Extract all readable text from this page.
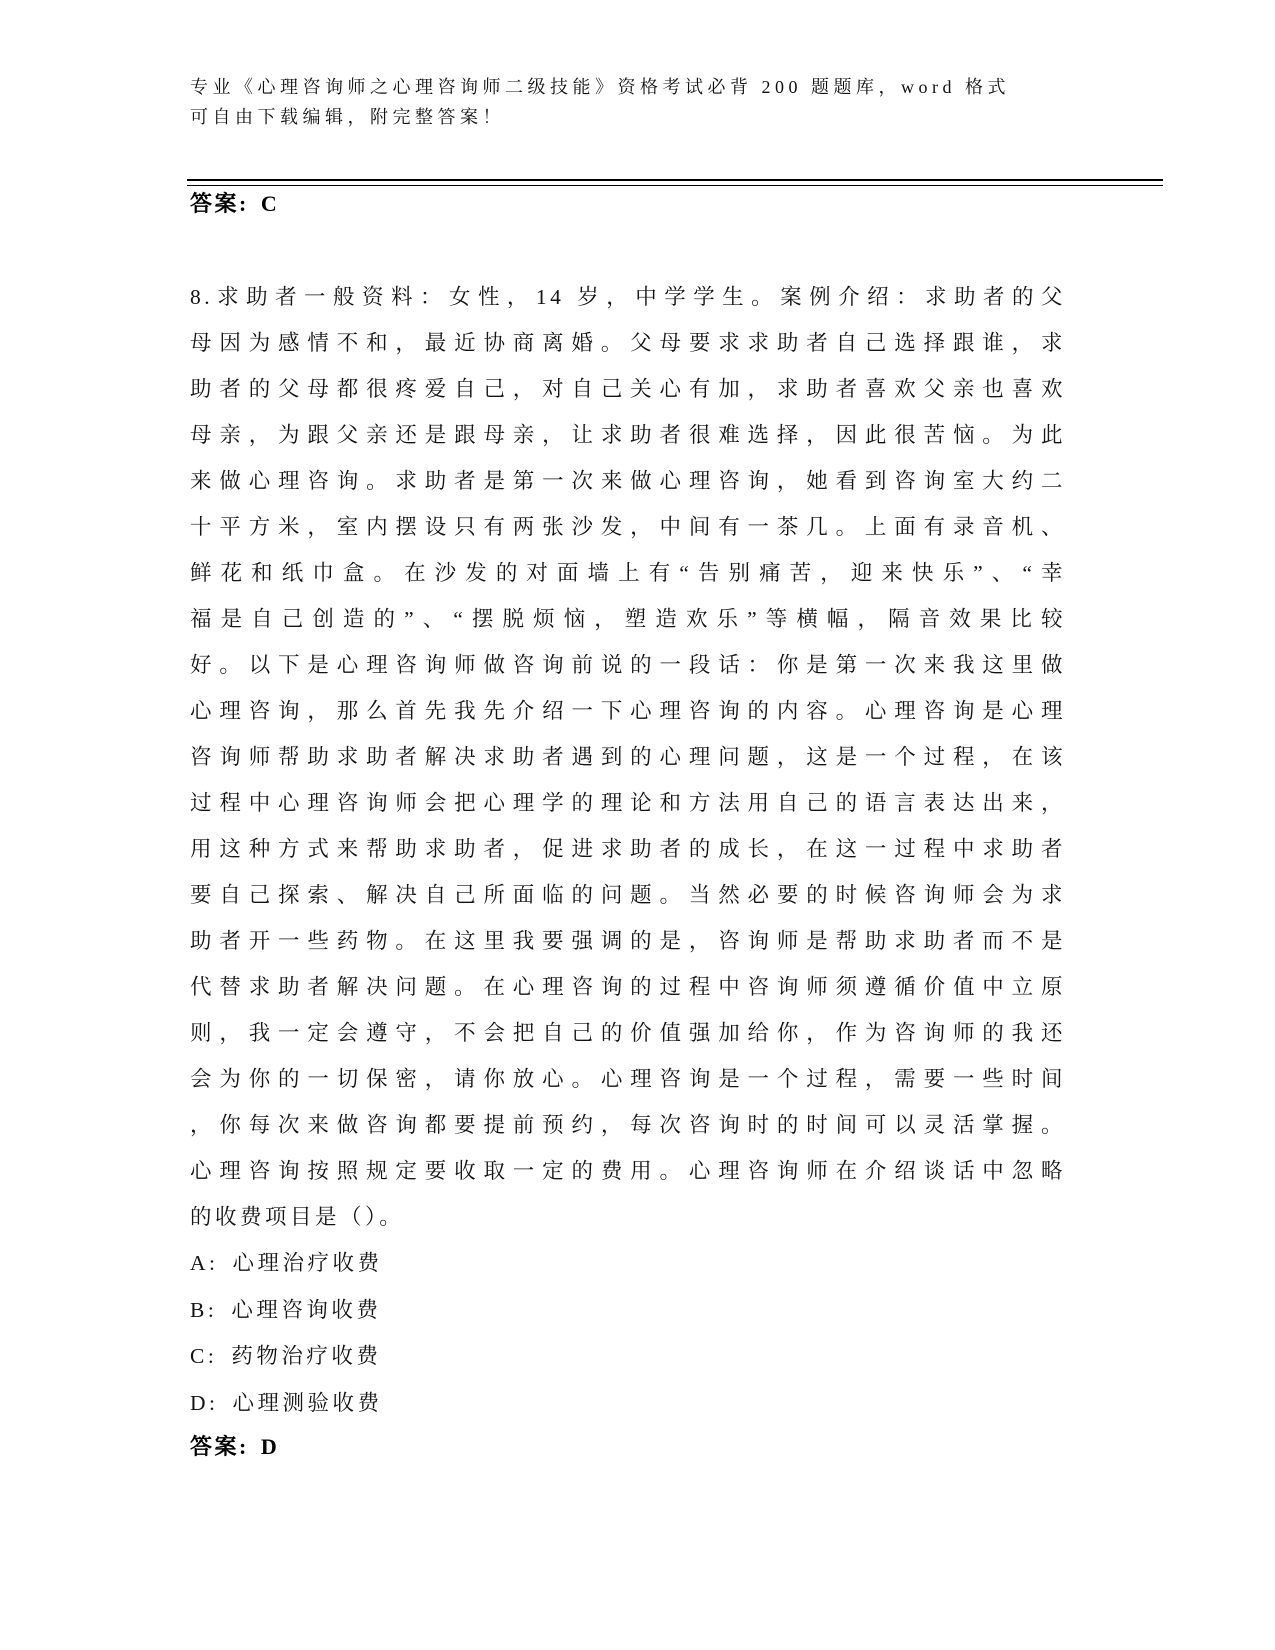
专业《心理咨询师之心理咨询师二级技能》资格考试必背 200 题题库，word 格式
可自由下载编辑，附完整答案！
答案: C
8.求助者一般资料：女性，14 岁，中学学生。案例介绍：求助者的父
母因为感情不和，最近协商离婚。父母要求求助者自己选择跟谁，求
助者的父母都很疼爱自己，对自己关心有加，求助者喜欢父亲也喜欢
母亲，为跟父亲还是跟母亲，让求助者很难选择，因此很苦恼。为此
来做心理咨询。求助者是第一次来做心理咨询，她看到咨询室大约二
十平方米，室内摆设只有两张沙发，中间有一茶几。上面有录音机、
鲜花和纸巾盒。在沙发的对面墙上有“告别痛苦，迎来快乐”、“幸
福是自己创造的”、“摆脱烦恼，塑造欢乐”等横幅，隔音效果比较
好。以下是心理咨询师做咨询前说的一段话：你是第一次来我这里做
心理咨询，那么首先我先介绍一下心理咨询的内容。心理咨询是心理
咨询师帮助求助者解决求助者遇到的心理问题，这是一个过程，在该
过程中心理咨询师会把心理学的理论和方法用自己的语言表达出来，
用这种方式来帮助求助者，促进求助者的成长，在这一过程中求助者
要自己探索、解决自己所面临的问题。当然必要的时候咨询师会为求
助者开一些药物。在这里我要强调的是，咨询师是帮助求助者而不是
代替求助者解决问题。在心理咨询的过程中咨询师须遵循价值中立原
则，我一定会遵守，不会把自己的价值强加给你，作为咨询师的我还
会为你的一切保密，请你放心。心理咨询是一个过程，需要一些时间
，你每次来做咨询都要提前预约，每次咨询时的时间可以灵活掌握。
心理咨询按照规定要收取一定的费用。心理咨询师在介绍谈话中忽略
的收费项目是（）。
A: 心理治疗收费
B: 心理咨询收费
C: 药物治疗收费
D: 心理测验收费
答案: D
